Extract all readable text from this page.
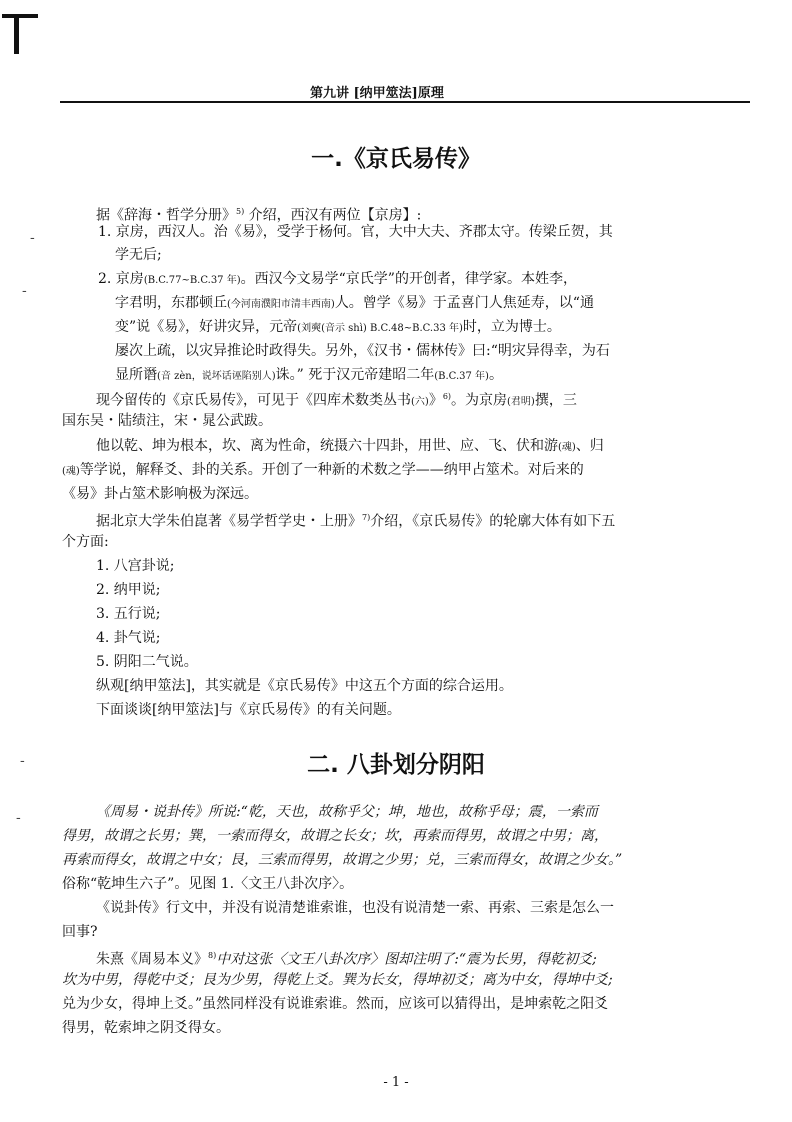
第九讲 [纳甲筮法]原理
一.《京氏易传》
据《辞海・哲学分册》$^{5)}$ 介绍，西汉有两位【京房】:
1. 京房，西汉人。治《易》，受学于杨何。官，大中大夫、齐郡太守。传梁丘贺，其
学无后;
2. 京房(B.C.77~B.C.37 年)。西汉今文易学“京氏学”的开创者，律学家。本姓李，
字君明，东郡顿丘(今河南濮阳市清丰西南)人。曾学《易》于孟喜门人焦延寿，以“通
变”说《易》，好讲灾异，元帝(刘奭(音示 shì) B.C.48~B.C.33 年)时，立为博士。
屡次上疏，以灾异推论时政得失。另外，《汉书・儒林传》曰:“明灾异得幸，为石
显所谮(音 zèn，说坏话诬陷别人)诛。” 死于汉元帝建昭二年(B.C.37 年)。
现今留传的《京氏易传》，可见于《四库术数类丛书(六)》$^{6)}$。为京房(君明)撰，三
国东吴・陆绩注，宋・晁公武跋。
他以乾、坤为根本，坎、离为性命，统摄六十四卦，用世、应、飞、伏和游(魂)、归
(魂)等学说，解释爻、卦的关系。开创了一种新的术数之学——纳甲占筮术。对后来的
《易》卦占筮术影响极为深远。
据北京大学朱伯崑著《易学哲学史・上册》$^{7)}$介绍，《京氏易传》的轮廓大体有如下五
个方面:
1. 八宫卦说;
2. 纳甲说;
3. 五行说;
4. 卦气说;
5. 阴阳二气说。
纵观[纳甲筮法]，其实就是《京氏易传》中这五个方面的综合运用。
下面谈谈[纳甲筮法]与《京氏易传》的有关问题。
二. 八卦划分阴阳
《周易・说卦传》所说:“乾，天也，故称乎父；坤，地也，故称乎母；震，一索而
得男，故谓之长男；巽，一索而得女，故谓之长女；坎，再索而得男，故谓之中男；离，
再索而得女，故谓之中女；艮，三索而得男，故谓之少男；兑，三索而得女，故谓之少女。”
俗称“乾坤生六子”。见图 1.〈文王八卦次序〉。
《说卦传》行文中，并没有说清楚谁索谁，也没有说清楚一索、再索、三索是怎么一
回事?
朱熹《周易本义》$^{8)}$中对这张〈文王八卦次序〉图却注明了:“震为长男，得乾初爻;
坎为中男，得乾中爻；艮为少男，得乾上爻。巽为长女，得坤初爻；离为中女，得坤中爻;
兑为少女，得坤上爻。”虽然同样没有说谁索谁。然而，应该可以猜得出，是坤索乾之阳爻
得男，乾索坤之阴爻得女。
-
-
-
-
- 1 -
